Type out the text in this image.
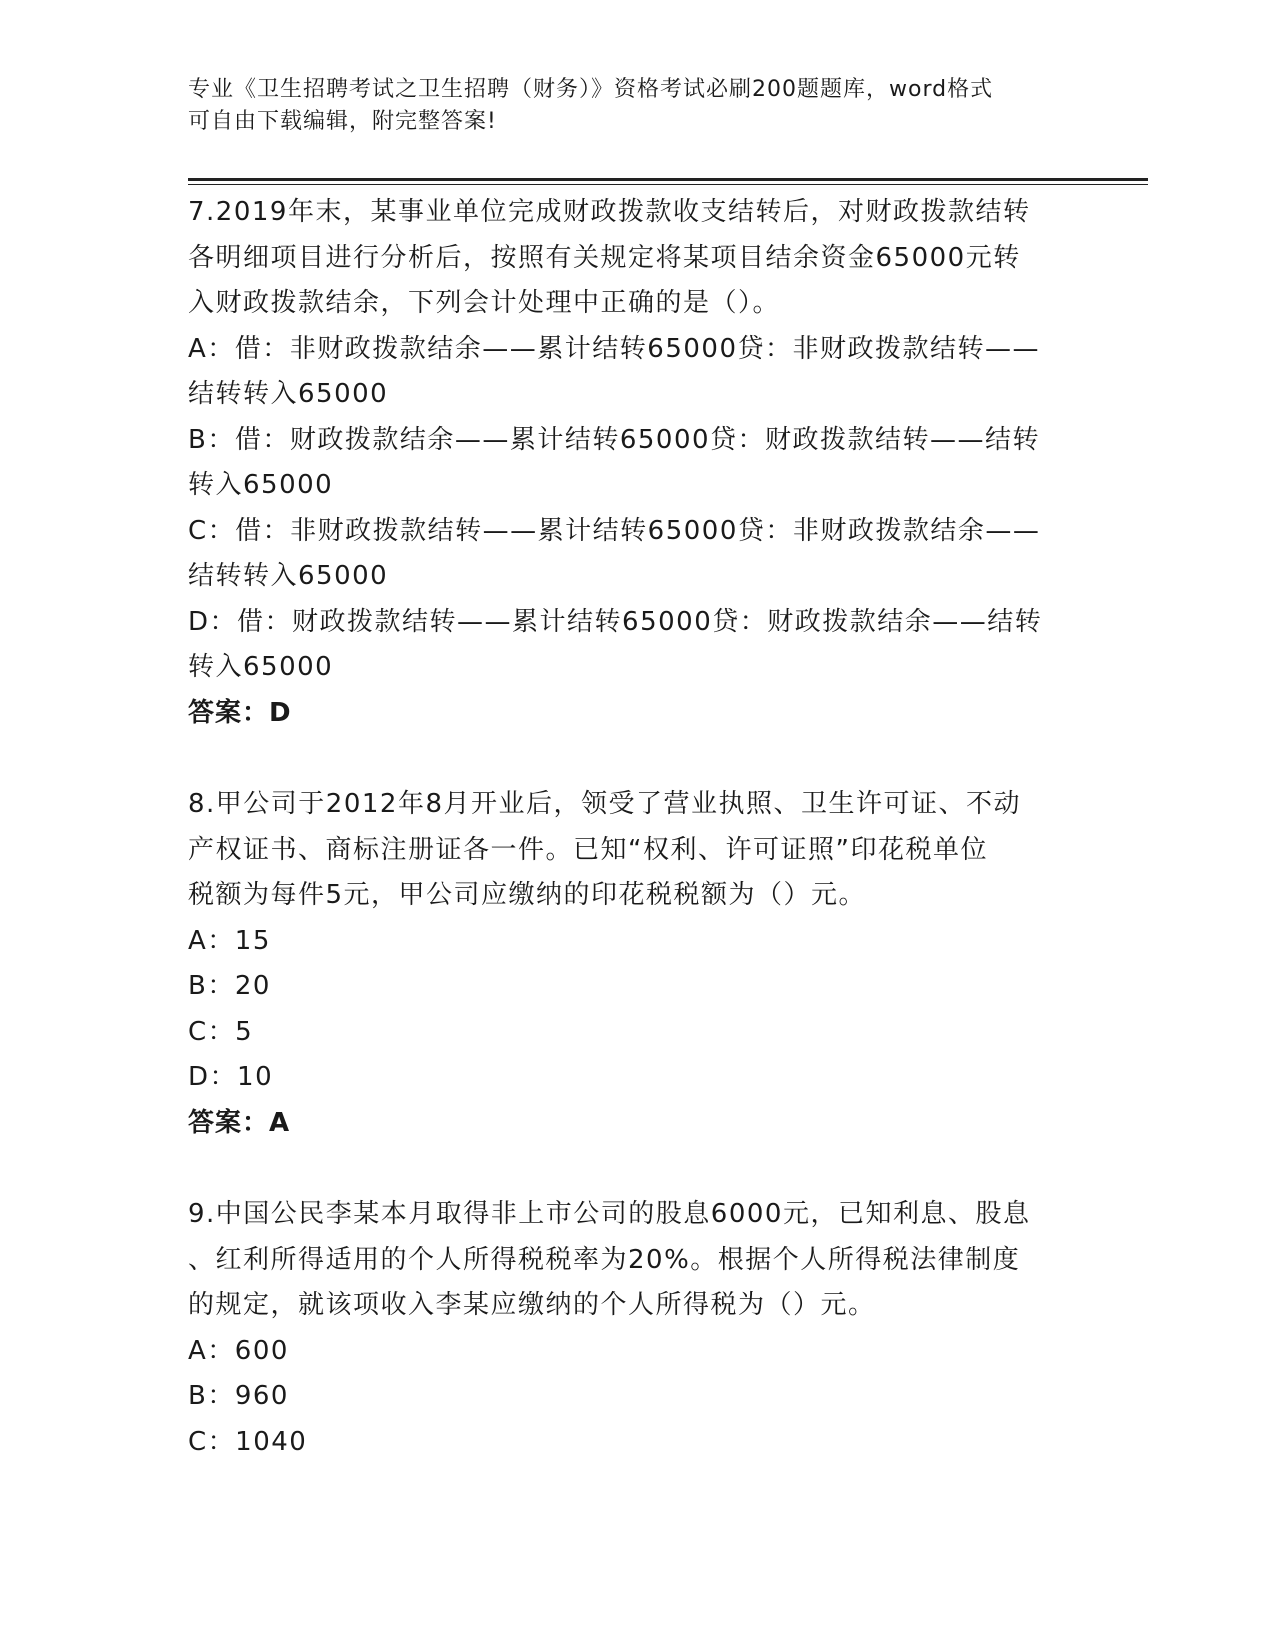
专业《卫生招聘考试之卫生招聘（财务）》资格考试必刷200题题库，word格式
可自由下载编辑，附完整答案!
7.2019年末，某事业单位完成财政拨款收支结转后，对财政拨款结转
各明细项目进行分析后，按照有关规定将某项目结余资金65000元转
入财政拨款结余，下列会计处理中正确的是（）。
A：借：非财政拨款结余——累计结转65000贷：非财政拨款结转——
结转转入65000
B：借：财政拨款结余——累计结转65000贷：财政拨款结转——结转
转入65000
C：借：非财政拨款结转——累计结转65000贷：非财政拨款结余——
结转转入65000
D：借：财政拨款结转——累计结转65000贷：财政拨款结余——结转
转入65000
答案：D
8.甲公司于2012年8月开业后，领受了营业执照、卫生许可证、不动
产权证书、商标注册证各一件。已知“权利、许可证照”印花税单位
税额为每件5元，甲公司应缴纳的印花税税额为（）元。
A：15
B：20
C：5
D：10
答案：A
9.中国公民李某本月取得非上市公司的股息6000元，已知利息、股息
、红利所得适用的个人所得税税率为20%。根据个人所得税法律制度
的规定，就该项收入李某应缴纳的个人所得税为（）元。
A：600
B：960
C：1040
